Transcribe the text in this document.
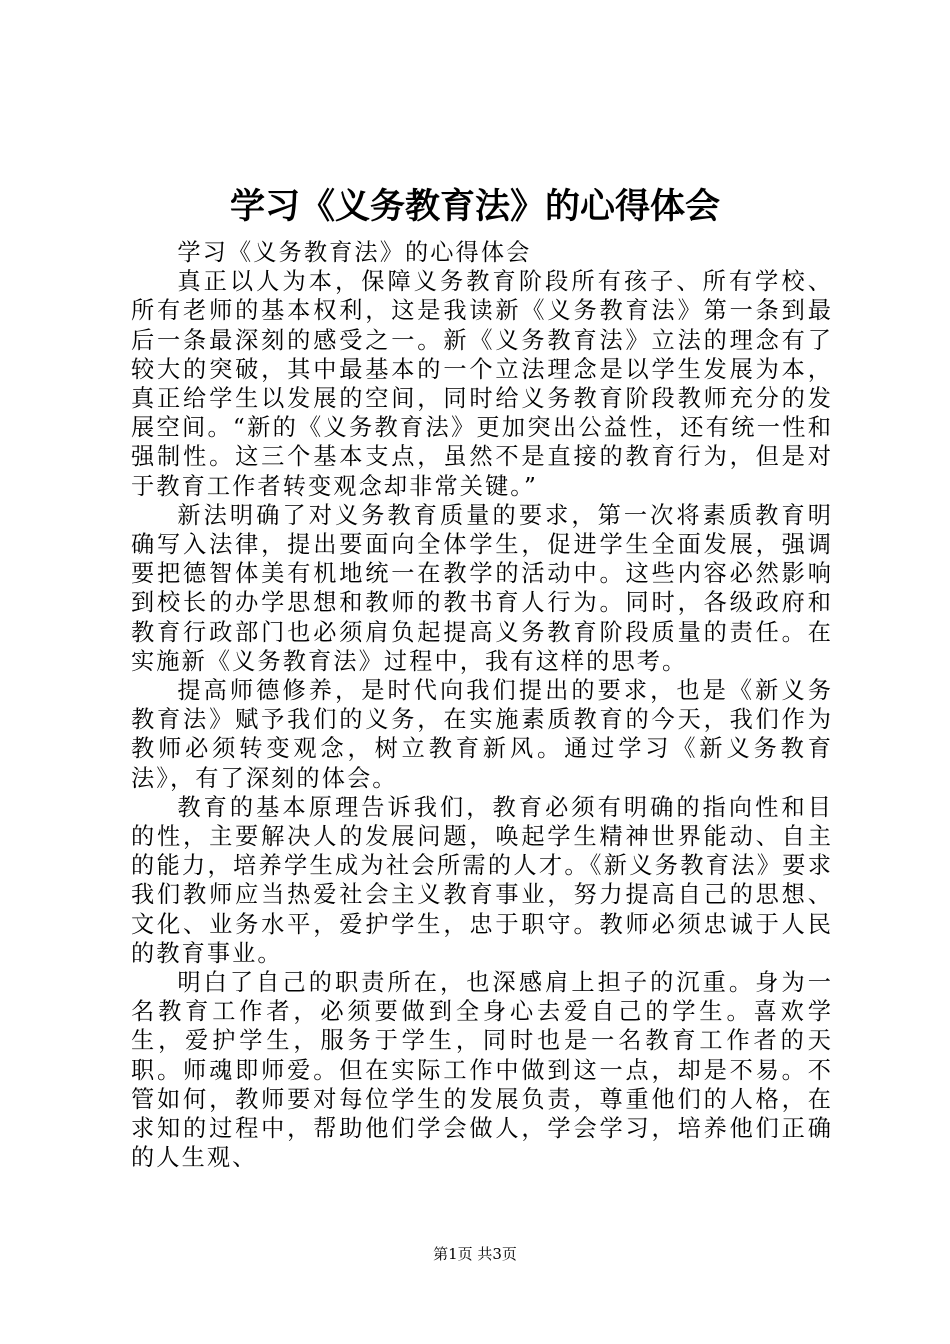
学习《义务教育法》的心得体会

学习《义务教育法》的心得体会

真正以人为本，保障义务教育阶段所有孩子、所有学校、所有老师的基本权利，这是我读新《义务教育法》第一条到最后一条最深刻的感受之一。新《义务教育法》立法的理念有了较大的突破，其中最基本的一个立法理念是以学生发展为本，真正给学生以发展的空间，同时给义务教育阶段教师充分的发展空间。“新的《义务教育法》更加突出公益性，还有统一性和强制性。这三个基本支点，虽然不是直接的教育行为，但是对于教育工作者转变观念却非常关键。”

新法明确了对义务教育质量的要求，第一次将素质教育明确写入法律，提出要面向全体学生，促进学生全面发展，强调要把德智体美有机地统一在教学的活动中。这些内容必然影响到校长的办学思想和教师的教书育人行为。同时，各级政府和教育行政部门也必须肩负起提高义务教育阶段质量的责任。在实施新《义务教育法》过程中，我有这样的思考。

提高师德修养，是时代向我们提出的要求，也是《新义务教育法》赋予我们的义务，在实施素质教育的今天，我们作为教师必须转变观念，树立教育新风。通过学习《新义务教育法》，有了深刻的体会。

教育的基本原理告诉我们，教育必须有明确的指向性和目的性，主要解决人的发展问题，唤起学生精神世界能动、自主的能力，培养学生成为社会所需的人才。《新义务教育法》要求我们教师应当热爱社会主义教育事业，努力提高自己的思想、文化、业务水平，爱护学生，忠于职守。教师必须忠诚于人民的教育事业。

明白了自己的职责所在，也深感肩上担子的沉重。身为一名教育工作者，必须要做到全身心去爱自己的学生。喜欢学生，爱护学生，服务于学生，同时也是一名教育工作者的天职。师魂即师爱。但在实际工作中做到这一点，却是不易。不管如何，教师要对每位学生的发展负责，尊重他们的人格，在求知的过程中，帮助他们学会做人，学会学习，培养他们正确的人生观、

第1页 共3页
